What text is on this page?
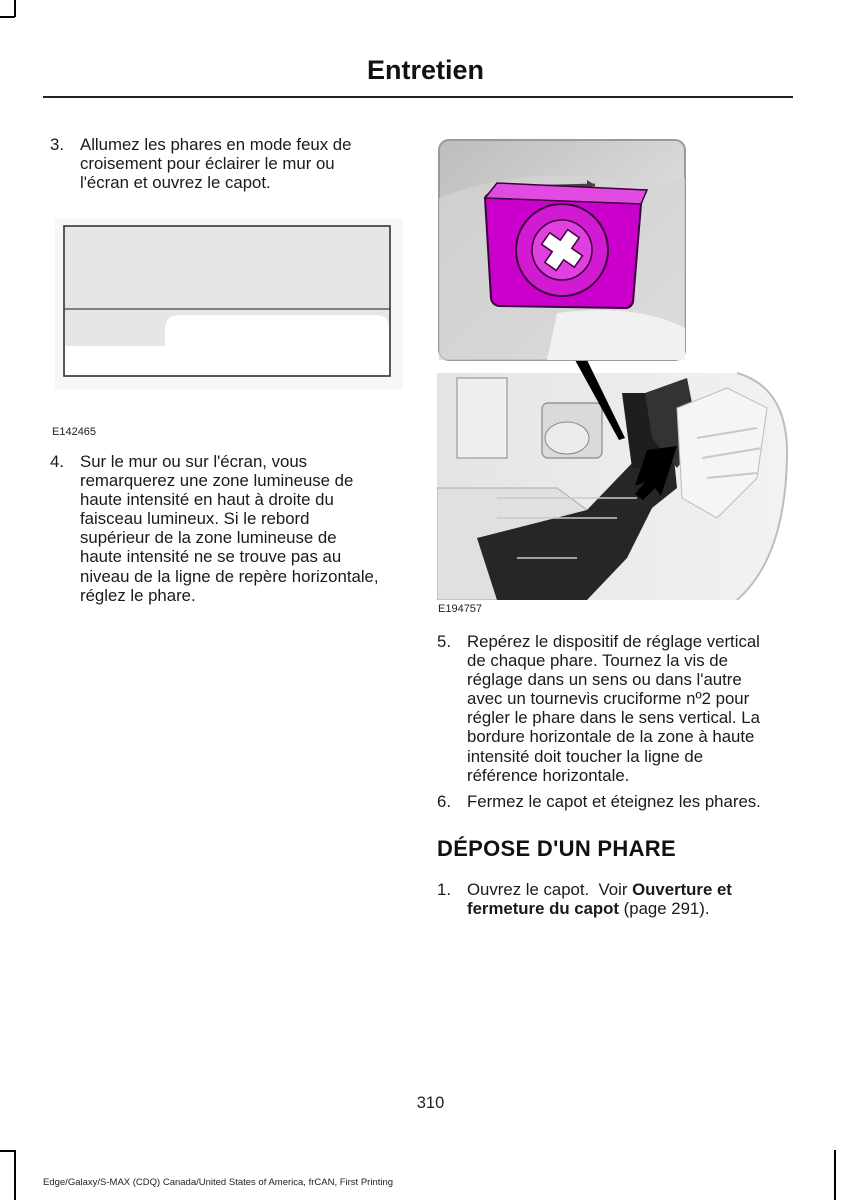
Entretien
3. Allumez les phares en mode feux de
croisement pour éclairer le mur ou
l'écran et ouvrez le capot.
E142465
4. Sur le mur ou sur l'écran, vous
remarquerez une zone lumineuse de
haute intensité en haut à droite du
faisceau lumineux. Si le rebord
supérieur de la zone lumineuse de
haute intensité ne se trouve pas au
niveau de la ligne de repère horizontale,
réglez le phare.
E194757
5. Repérez le dispositif de réglage vertical
de chaque phare. Tournez la vis de
réglage dans un sens ou dans l'autre
avec un tournevis cruciforme nº2 pour
régler le phare dans le sens vertical. La
bordure horizontale de la zone à haute
intensité doit toucher la ligne de
référence horizontale.
6. Fermez le capot et éteignez les phares.
DÉPOSE D'UN PHARE
1. Ouvrez le capot.  Voir Ouverture et
fermeture du capot (page 291).
310
Edge/Galaxy/S-MAX (CDQ) Canada/United States of America, frCAN, First Printing
